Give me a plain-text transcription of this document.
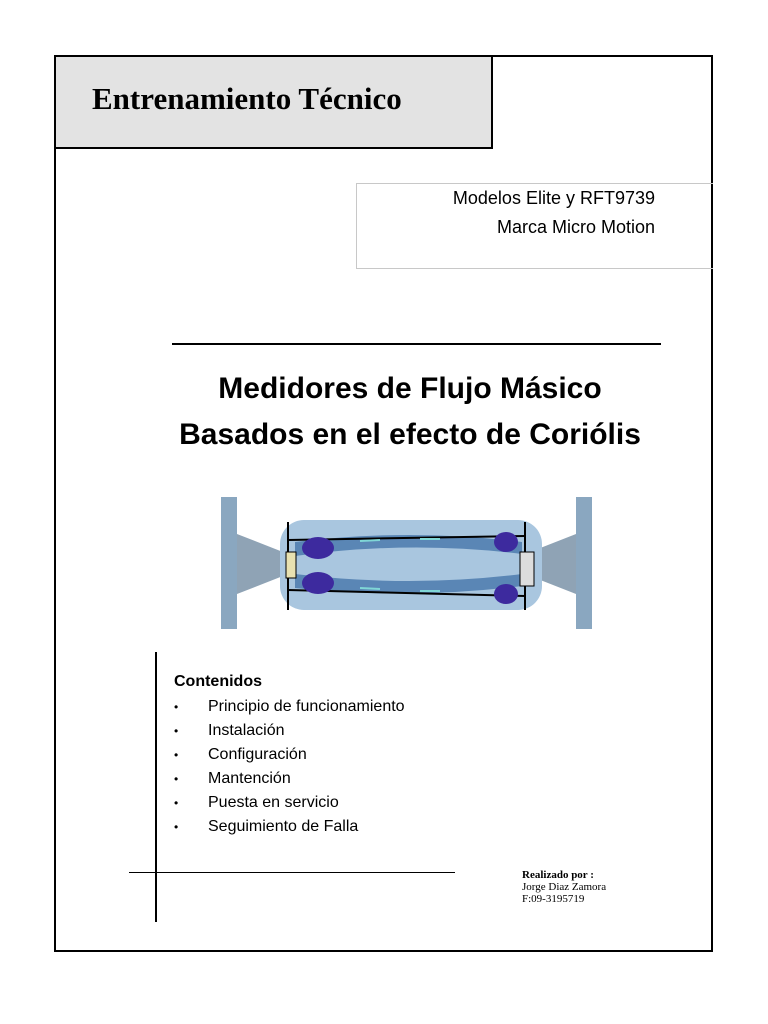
Entrenamiento Técnico
Modelos Elite y RFT9739
Marca Micro Motion
Medidores de Flujo Másico
Basados en el efecto de Coriólis
Contenidos
• Principio de funcionamiento
• Instalación
• Configuración
• Mantención
• Puesta en servicio
• Seguimiento de Falla
Realizado por :
Jorge Diaz Zamora
F:09-3195719
